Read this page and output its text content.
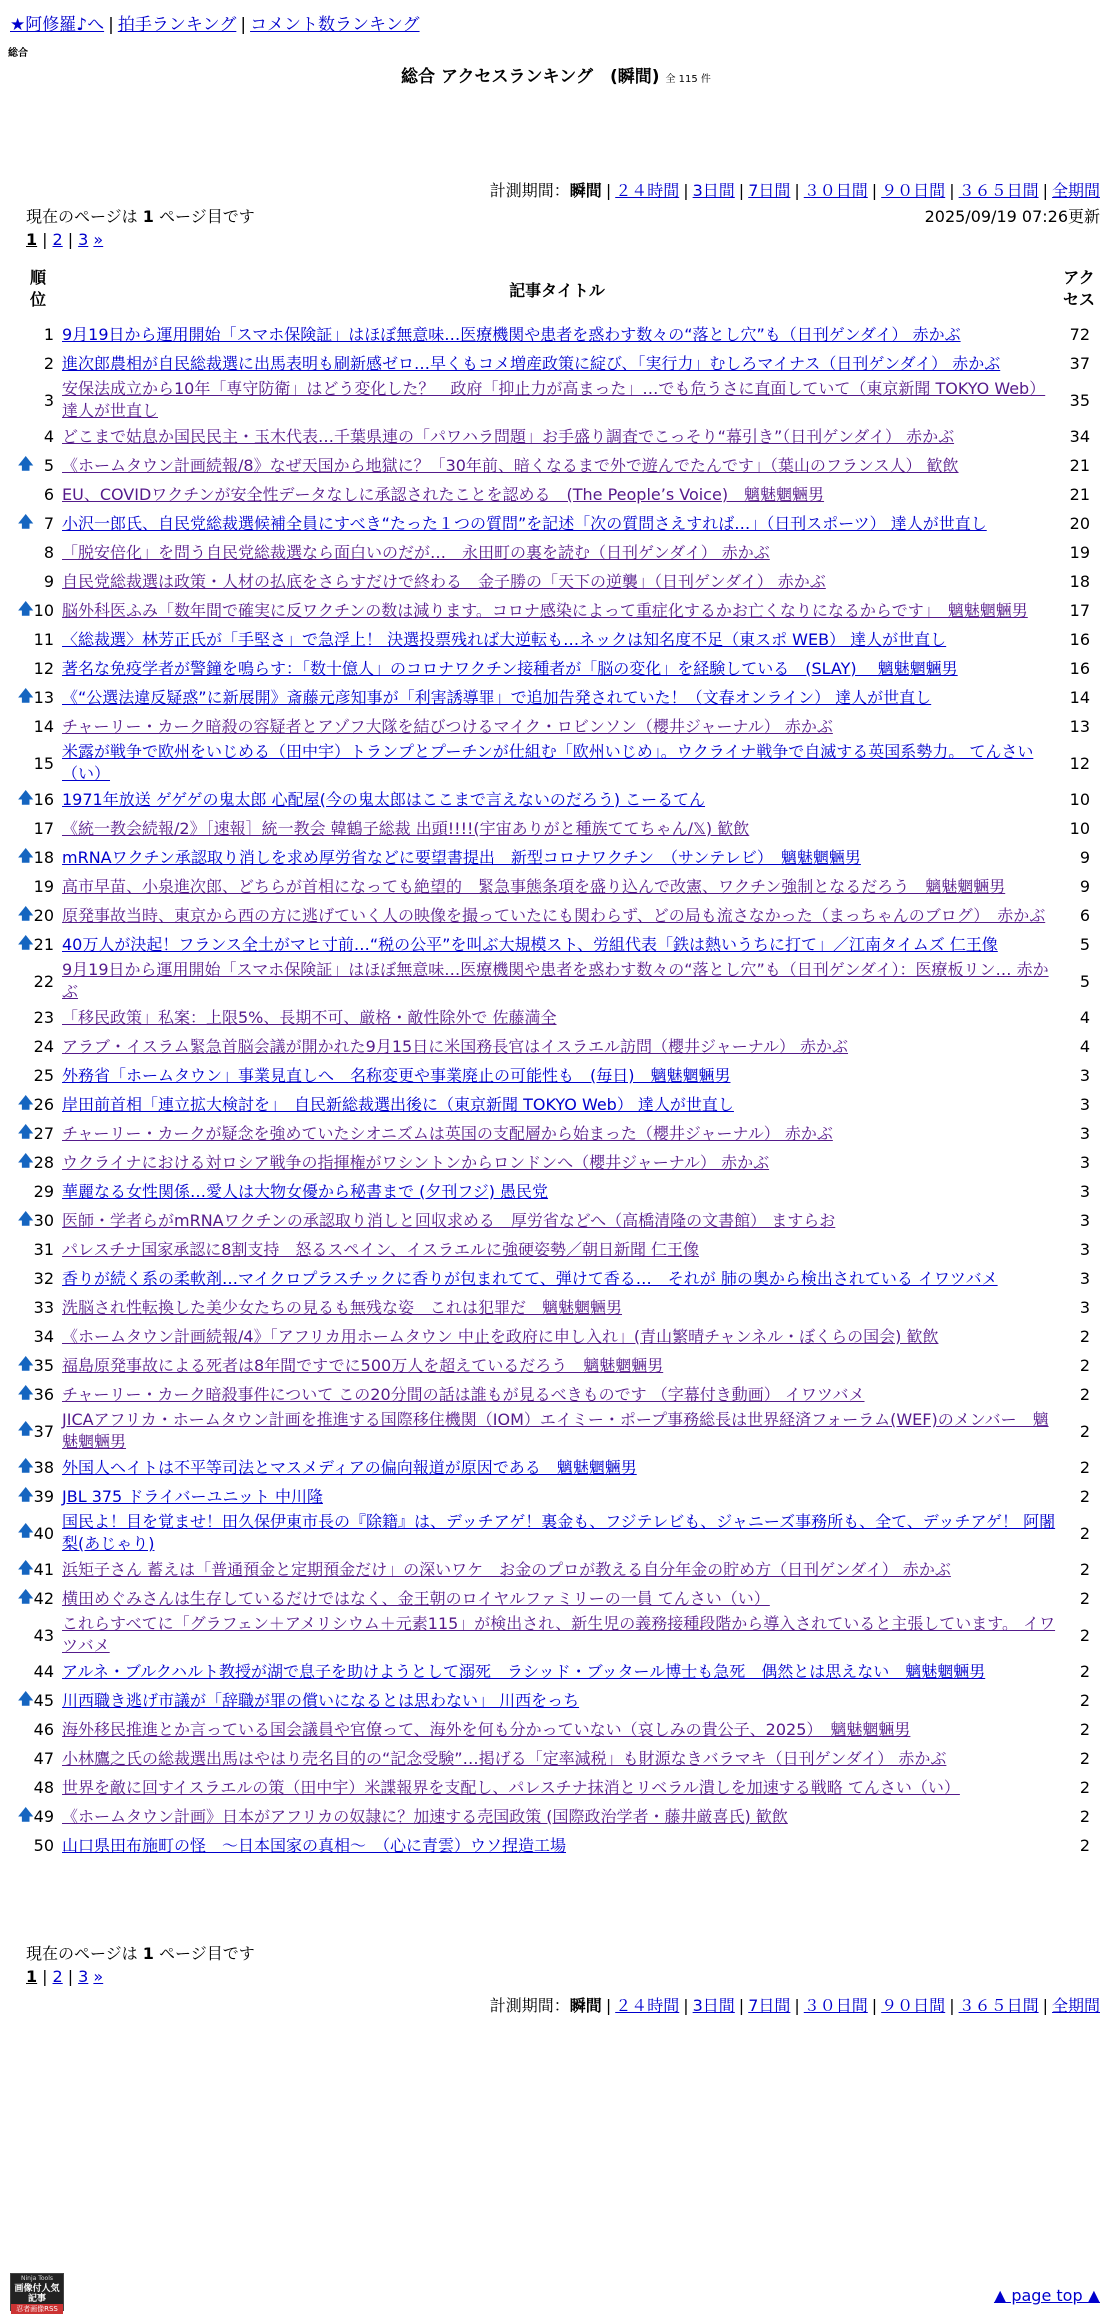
★阿修羅♪へ | 拍手ランキング | コメント数ランキング
総合
総合 アクセスランキング　(瞬間) 全 115 件
計測期間：瞬間 | ２４時間 | 3日間 | 7日間 | ３０日間 | ９０日間 | ３６５日間 | 全期間
現在のページは 1 ページ目です	2025/09/19 07:26更新
1 | 2 | 3 »
順
位	記事タイトル	アク
セス
1	9月19日から運用開始「スマホ保険証」はほぼ無意味…医療機関や患者を惑わす数々の“落とし穴”も（日刊ゲンダイ） 赤かぶ	72
2	進次郎農相が自民総裁選に出馬表明も刷新感ゼロ…早くもコメ増産政策に綻び、「実行力」むしろマイナス（日刊ゲンダイ） 赤かぶ	37
3	安保法成立から10年「専守防衛」はどう変化した？　政府「抑止力が高まった」…でも危うさに直面していて（東京新聞 TOKYO Web） 達人が世直し	35
4	どこまで姑息か国民民主・玉木代表…千葉県連の「パワハラ問題」お手盛り調査でこっそり“幕引き”（日刊ゲンダイ） 赤かぶ	34

🡅 5	《ホームタウン計画続報/8》なぜ天国から地獄に？「30年前、暗くなるまで外で遊んでたんです」（葉山のフランス人） 歓飲	21
6	EU、COVIDワクチンが安全性データなしに承認されたことを認める　(The People’s Voice)　魑魅魍魎男	21

🡅 7	小沢一郎氏、自民党総裁選候補全員にすべき“たった１つの質問”を記述「次の質問さえすれば…」（日刊スポーツ） 達人が世直し	20
8	「脱安倍化」を問う自民党総裁選なら面白いのだが…　永田町の裏を読む（日刊ゲンダイ） 赤かぶ	19
9	自民党総裁選は政策・人材の払底をさらすだけで終わる　金子勝の「天下の逆襲」（日刊ゲンダイ） 赤かぶ	18

🡅 10	脳外科医ふみ「数年間で確実に反ワクチンの数は減ります。コロナ感染によって重症化するかお亡くなりになるからです」　魑魅魍魎男	17
11	〈総裁選〉林芳正氏が「手堅さ」で急浮上！ 決選投票残れば大逆転も…ネックは知名度不足（東スポ WEB） 達人が世直し	16
12	著名な免疫学者が警鐘を鳴らす：「数十億人」のコロナワクチン接種者が「脳の変化」を経験している　(SLAY)　 魑魅魍魎男	16

🡅 13	《“公選法違反疑惑”に新展開》斎藤元彦知事が「利害誘導罪」で追加告発されていた！（文春オンライン） 達人が世直し	14
14	チャーリー・カーク暗殺の容疑者とアゾフ大隊を結びつけるマイク・ロビンソン（櫻井ジャーナル） 赤かぶ	13
15	米露が戦争で欧州をいじめる（田中宇）トランプとプーチンが仕組む「欧州いじめ」。ウクライナ戦争で自滅する英国系勢力。 てんさい（い）	12

🡅 16	1971年放送 ゲゲゲの鬼太郎 心配屋(今の鬼太郎はここまで言えないのだろう) こーるてん	10
17	《統一教会続報/2》［速報］統一教会 韓鶴子総裁 出頭!!!!(宇宙ありがと種族ててちゃん/𝕏) 歓飲	10

🡅 18	mRNAワクチン承認取り消しを求め厚労省などに要望書提出　新型コロナワクチン　（サンテレビ）　魑魅魍魎男	9
19	高市早苗、小泉進次郎、どちらが首相になっても絶望的　緊急事態条項を盛り込んで改憲、ワクチン強制となるだろう　魑魅魍魎男	9

🡅 20	原発事故当時、東京から西の方に逃げていく人の映像を撮っていたにも関わらず、どの局も流さなかった（まっちゃんのブログ）　赤かぶ	6

🡅 21	40万人が決起！フランス全土がマヒ寸前…“税の公平”を叫ぶ大規模スト、労組代表「鉄は熱いうちに打て」／江南タイムズ 仁王像	5
22	9月19日から運用開始「スマホ保険証」はほぼ無意味…医療機関や患者を惑わす数々の“落とし穴”も（日刊ゲンダイ）：医療板リン… 赤かぶ	5
23	「移民政策」私案：上限5%、長期不可、厳格・敵性除外で 佐藤満全	4
24	アラブ・イスラム緊急首脳会議が開かれた9月15日に米国務長官はイスラエル訪問（櫻井ジャーナル） 赤かぶ	4
25	外務省「ホームタウン」事業見直しへ　名称変更や事業廃止の可能性も　(毎日)　魑魅魍魎男	3

🡅 26	岸田前首相「連立拡大検討を」　自民新総裁選出後に（東京新聞 TOKYO Web） 達人が世直し	3

🡅 27	チャーリー・カークが疑念を強めていたシオニズムは英国の支配層から始まった（櫻井ジャーナル） 赤かぶ	3

🡅 28	ウクライナにおける対ロシア戦争の指揮権がワシントンからロンドンへ（櫻井ジャーナル） 赤かぶ	3
29	華麗なる女性関係…愛人は大物女優から秘書まで (夕刊フジ) 愚民党	3

🡅 30	医師・学者らがmRNAワクチンの承認取り消しと回収求める　厚労省などへ（高橋清隆の文書館） ますらお	3
31	パレスチナ国家承認に8割支持　怒るスペイン、イスラエルに強硬姿勢／朝日新聞 仁王像	3
32	香りが続く系の柔軟剤…マイクロプラスチックに香りが包まれてて、弾けて香る…　それが 肺の奥から検出されている イワツバメ	3
33	洗脳され性転換した美少女たちの見るも無残な姿　これは犯罪だ　魑魅魍魎男	3
34	《ホームタウン計画続報/4》「アフリカ用ホームタウン 中止を政府に申し入れ」(青山繁晴チャンネル・ぼくらの国会) 歓飲	2

🡅 35	福島原発事故による死者は8年間ですでに500万人を超えているだろう　魑魅魍魎男	2

🡅 36	チャーリー・カーク暗殺事件について この20分間の話は誰もが見るべきものです （字幕付き動画） イワツバメ	2

🡅 37	JICAアフリカ・ホームタウン計画を推進する国際移住機関（IOM）エイミー・ポープ事務総長は世界経済フォーラム(WEF)のメンバー　魑魅魍魎男	2

🡅 38	外国人ヘイトは不平等司法とマスメディアの偏向報道が原因である　魑魅魍魎男	2

🡅 39	JBL 375 ドライバーユニット 中川隆	2

🡅 40	国民よ！目を覚ませ！田久保伊東市長の『除籍』は、デッチアゲ！裏金も、フジテレビも、ジャニーズ事務所も、全て、デッチアゲ！ 阿闍梨(あじゃり)	2

🡅 41	浜矩子さん 蓄えは「普通預金と定期預金だけ」の深いワケ　お金のプロが教える自分年金の貯め方（日刊ゲンダイ） 赤かぶ	2

🡅 42	横田めぐみさんは生存しているだけではなく、金王朝のロイヤルファミリーの一員 てんさい（い）	2
43	これらすべてに「グラフェン＋アメリシウム＋元素115」が検出され、新生児の義務接種段階から導入されていると主張しています。 イワツバメ	2
44	アルネ・ブルクハルト教授が湖で息子を助けようとして溺死　ラシッド・ブッタール博士も急死　偶然とは思えない　魑魅魍魎男	2

🡅 45	川西職き逃げ市議が「辞職が罪の償いになるとは思わない」 川西をっち	2
46	海外移民推進とか言っている国会議員や官僚って、海外を何も分かっていない（哀しみの貴公子、2025）　魑魅魍魎男	2
47	小林鷹之氏の総裁選出馬はやはり売名目的の“記念受験”…掲げる「定率減税」も財源なきバラマキ（日刊ゲンダイ） 赤かぶ	2
48	世界を敵に回すイスラエルの策（田中宇）米諜報界を支配し、パレスチナ抹消とリベラル潰しを加速する戦略 てんさい（い）	2

🡅 49	《ホームタウン計画》日本がアフリカの奴隷に？加速する売国政策 (国際政治学者・藤井厳喜氏) 歓飲	2
50	山口県田布施町の怪　～日本国家の真相～　（心に青雲）ウソ捏造工場	2
現在のページは 1 ページ目です
1 | 2 | 3 »
計測期間：瞬間 | ２４時間 | 3日間 | 7日間 | ３０日間 | ９０日間 | ３６５日間 | 全期間
Ninja Tools
画像付人気記事
忍者画像RSS
▲ page top ▲
